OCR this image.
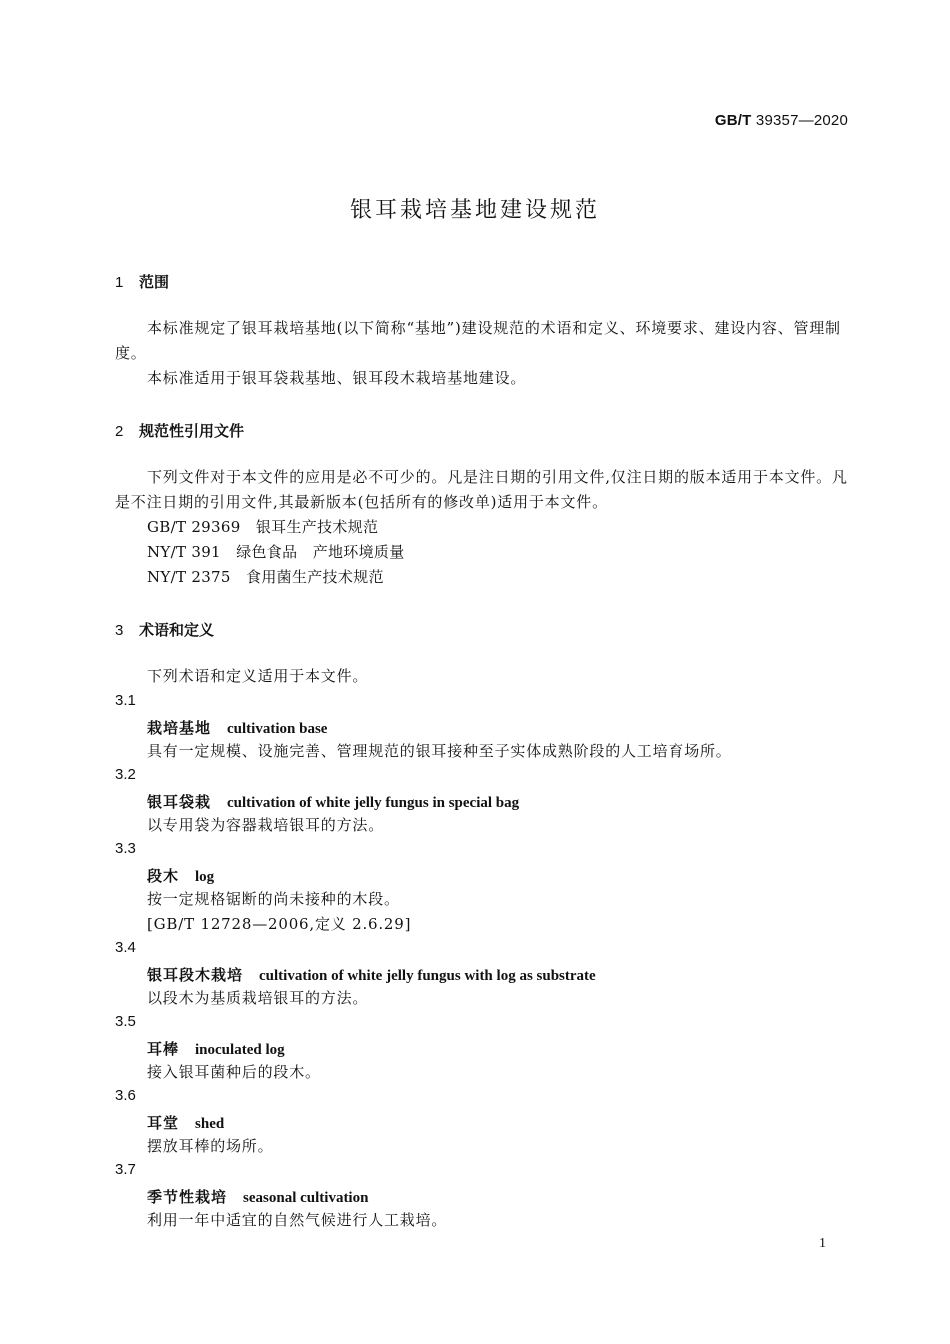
GB/T 39357—2020
银耳栽培基地建设规范
1 范围
本标准规定了银耳栽培基地(以下简称“基地”)建设规范的术语和定义、环境要求、建设内容、管理制度。
本标准适用于银耳袋栽基地、银耳段木栽培基地建设。
2 规范性引用文件
下列文件对于本文件的应用是必不可少的。凡是注日期的引用文件,仅注日期的版本适用于本文件。凡是不注日期的引用文件,其最新版本(包括所有的修改单)适用于本文件。
GB/T 29369　 银耳生产技术规范
NY/T 391　 绿色食品　产地环境质量
NY/T 2375　 食用菌生产技术规范
3 术语和定义
下列术语和定义适用于本文件。
3.1
栽培基地 cultivation base
具有一定规模、设施完善、管理规范的银耳接种至子实体成熟阶段的人工培育场所。
3.2
银耳袋栽 cultivation of white jelly fungus in special bag
以专用袋为容器栽培银耳的方法。
3.3
段木 log
按一定规格锯断的尚未接种的木段。
[GB/T 12728—2006,定义 2.6.29]
3.4
银耳段木栽培 cultivation of white jelly fungus with log as substrate
以段木为基质栽培银耳的方法。
3.5
耳棒 inoculated log
接入银耳菌种后的段木。
3.6
耳堂 shed
摆放耳棒的场所。
3.7
季节性栽培 seasonal cultivation
利用一年中适宜的自然气候进行人工栽培。
1
